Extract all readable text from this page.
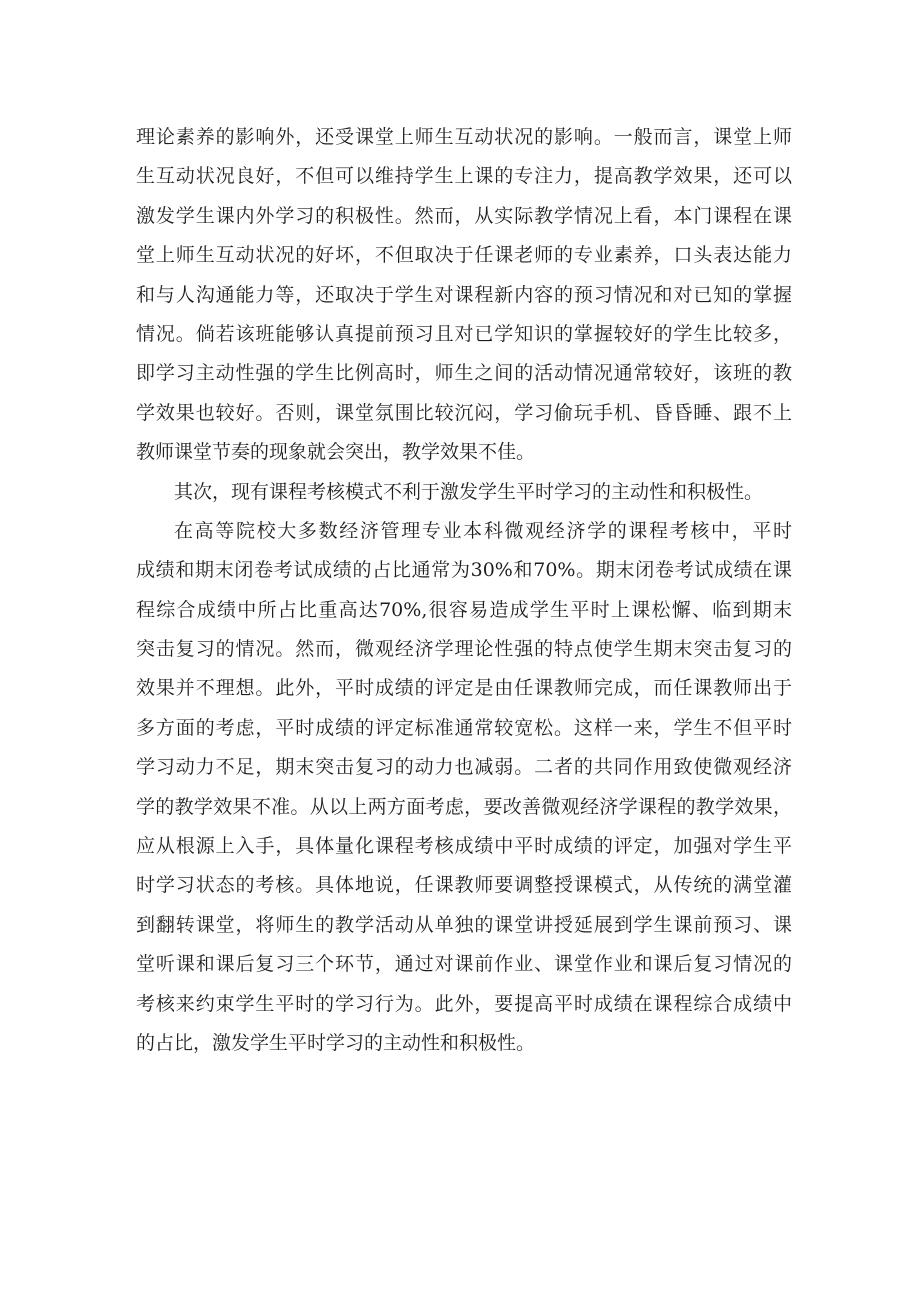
理论素养的影响外，还受课堂上师生互动状况的影响。一般而言，课堂上师
生互动状况良好，不但可以维持学生上课的专注力，提高教学效果，还可以
激发学生课内外学习的积极性。然而，从实际教学情况上看，本门课程在课
堂上师生互动状况的好坏，不但取决于任课老师的专业素养，口头表达能力
和与人沟通能力等，还取决于学生对课程新内容的预习情况和对已知的掌握
情况。倘若该班能够认真提前预习且对已学知识的掌握较好的学生比较多，
即学习主动性强的学生比例高时，师生之间的活动情况通常较好，该班的教
学效果也较好。否则，课堂氛围比较沉闷，学习偷玩手机、昏昏睡、跟不上
教师课堂节奏的现象就会突出，教学效果不佳。
其次，现有课程考核模式不利于激发学生平时学习的主动性和积极性。
在高等院校大多数经济管理专业本科微观经济学的课程考核中，平时
成绩和期末闭卷考试成绩的占比通常为30%和70%。期末闭卷考试成绩在课
程综合成绩中所占比重高达70%,很容易造成学生平时上课松懈、临到期末
突击复习的情况。然而，微观经济学理论性强的特点使学生期末突击复习的
效果并不理想。此外，平时成绩的评定是由任课教师完成，而任课教师出于
多方面的考虑，平时成绩的评定标准通常较宽松。这样一来，学生不但平时
学习动力不足，期末突击复习的动力也减弱。二者的共同作用致使微观经济
学的教学效果不准。从以上两方面考虑，要改善微观经济学课程的教学效果，
应从根源上入手，具体量化课程考核成绩中平时成绩的评定，加强对学生平
时学习状态的考核。具体地说，任课教师要调整授课模式，从传统的满堂灌
到翻转课堂，将师生的教学活动从单独的课堂讲授延展到学生课前预习、课
堂听课和课后复习三个环节，通过对课前作业、课堂作业和课后复习情况的
考核来约束学生平时的学习行为。此外，要提高平时成绩在课程综合成绩中
的占比，激发学生平时学习的主动性和积极性。
